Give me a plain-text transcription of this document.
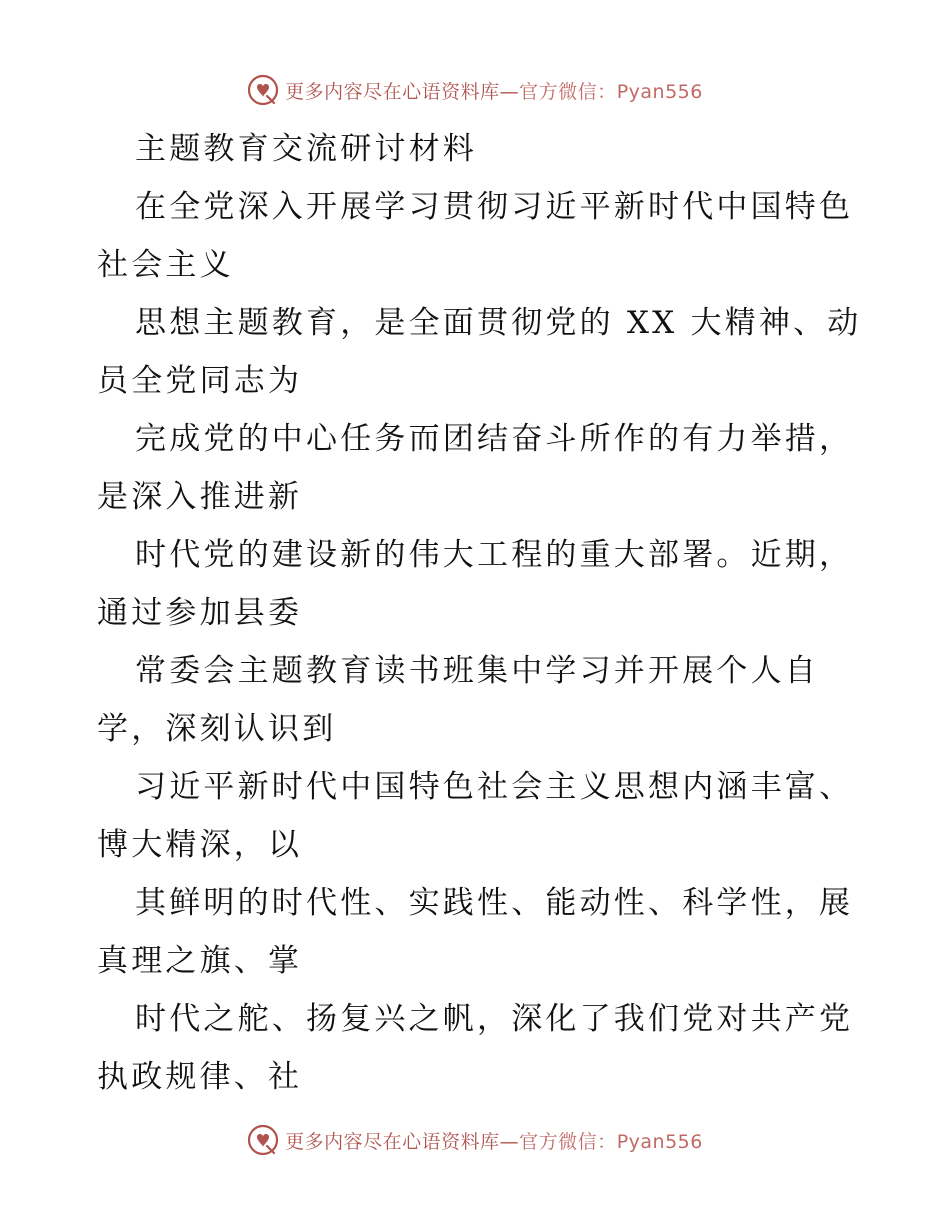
更多内容尽在心语资料库—官方微信：Pyan556

主题教育交流研讨材料

在全党深入开展学习贯彻习近平新时代中国特色
社会主义

思想主题教育，是全面贯彻党的 XX 大精神、动
员全党同志为

完成党的中心任务而团结奋斗所作的有力举措，
是深入推进新

时代党的建设新的伟大工程的重大部署。近期，
通过参加县委

常委会主题教育读书班集中学习并开展个人自
学，深刻认识到

习近平新时代中国特色社会主义思想内涵丰富、
博大精深，以

其鲜明的时代性、实践性、能动性、科学性，展
真理之旗、掌

时代之舵、扬复兴之帆，深化了我们党对共产党
执政规律、社

更多内容尽在心语资料库—官方微信：Pyan556
